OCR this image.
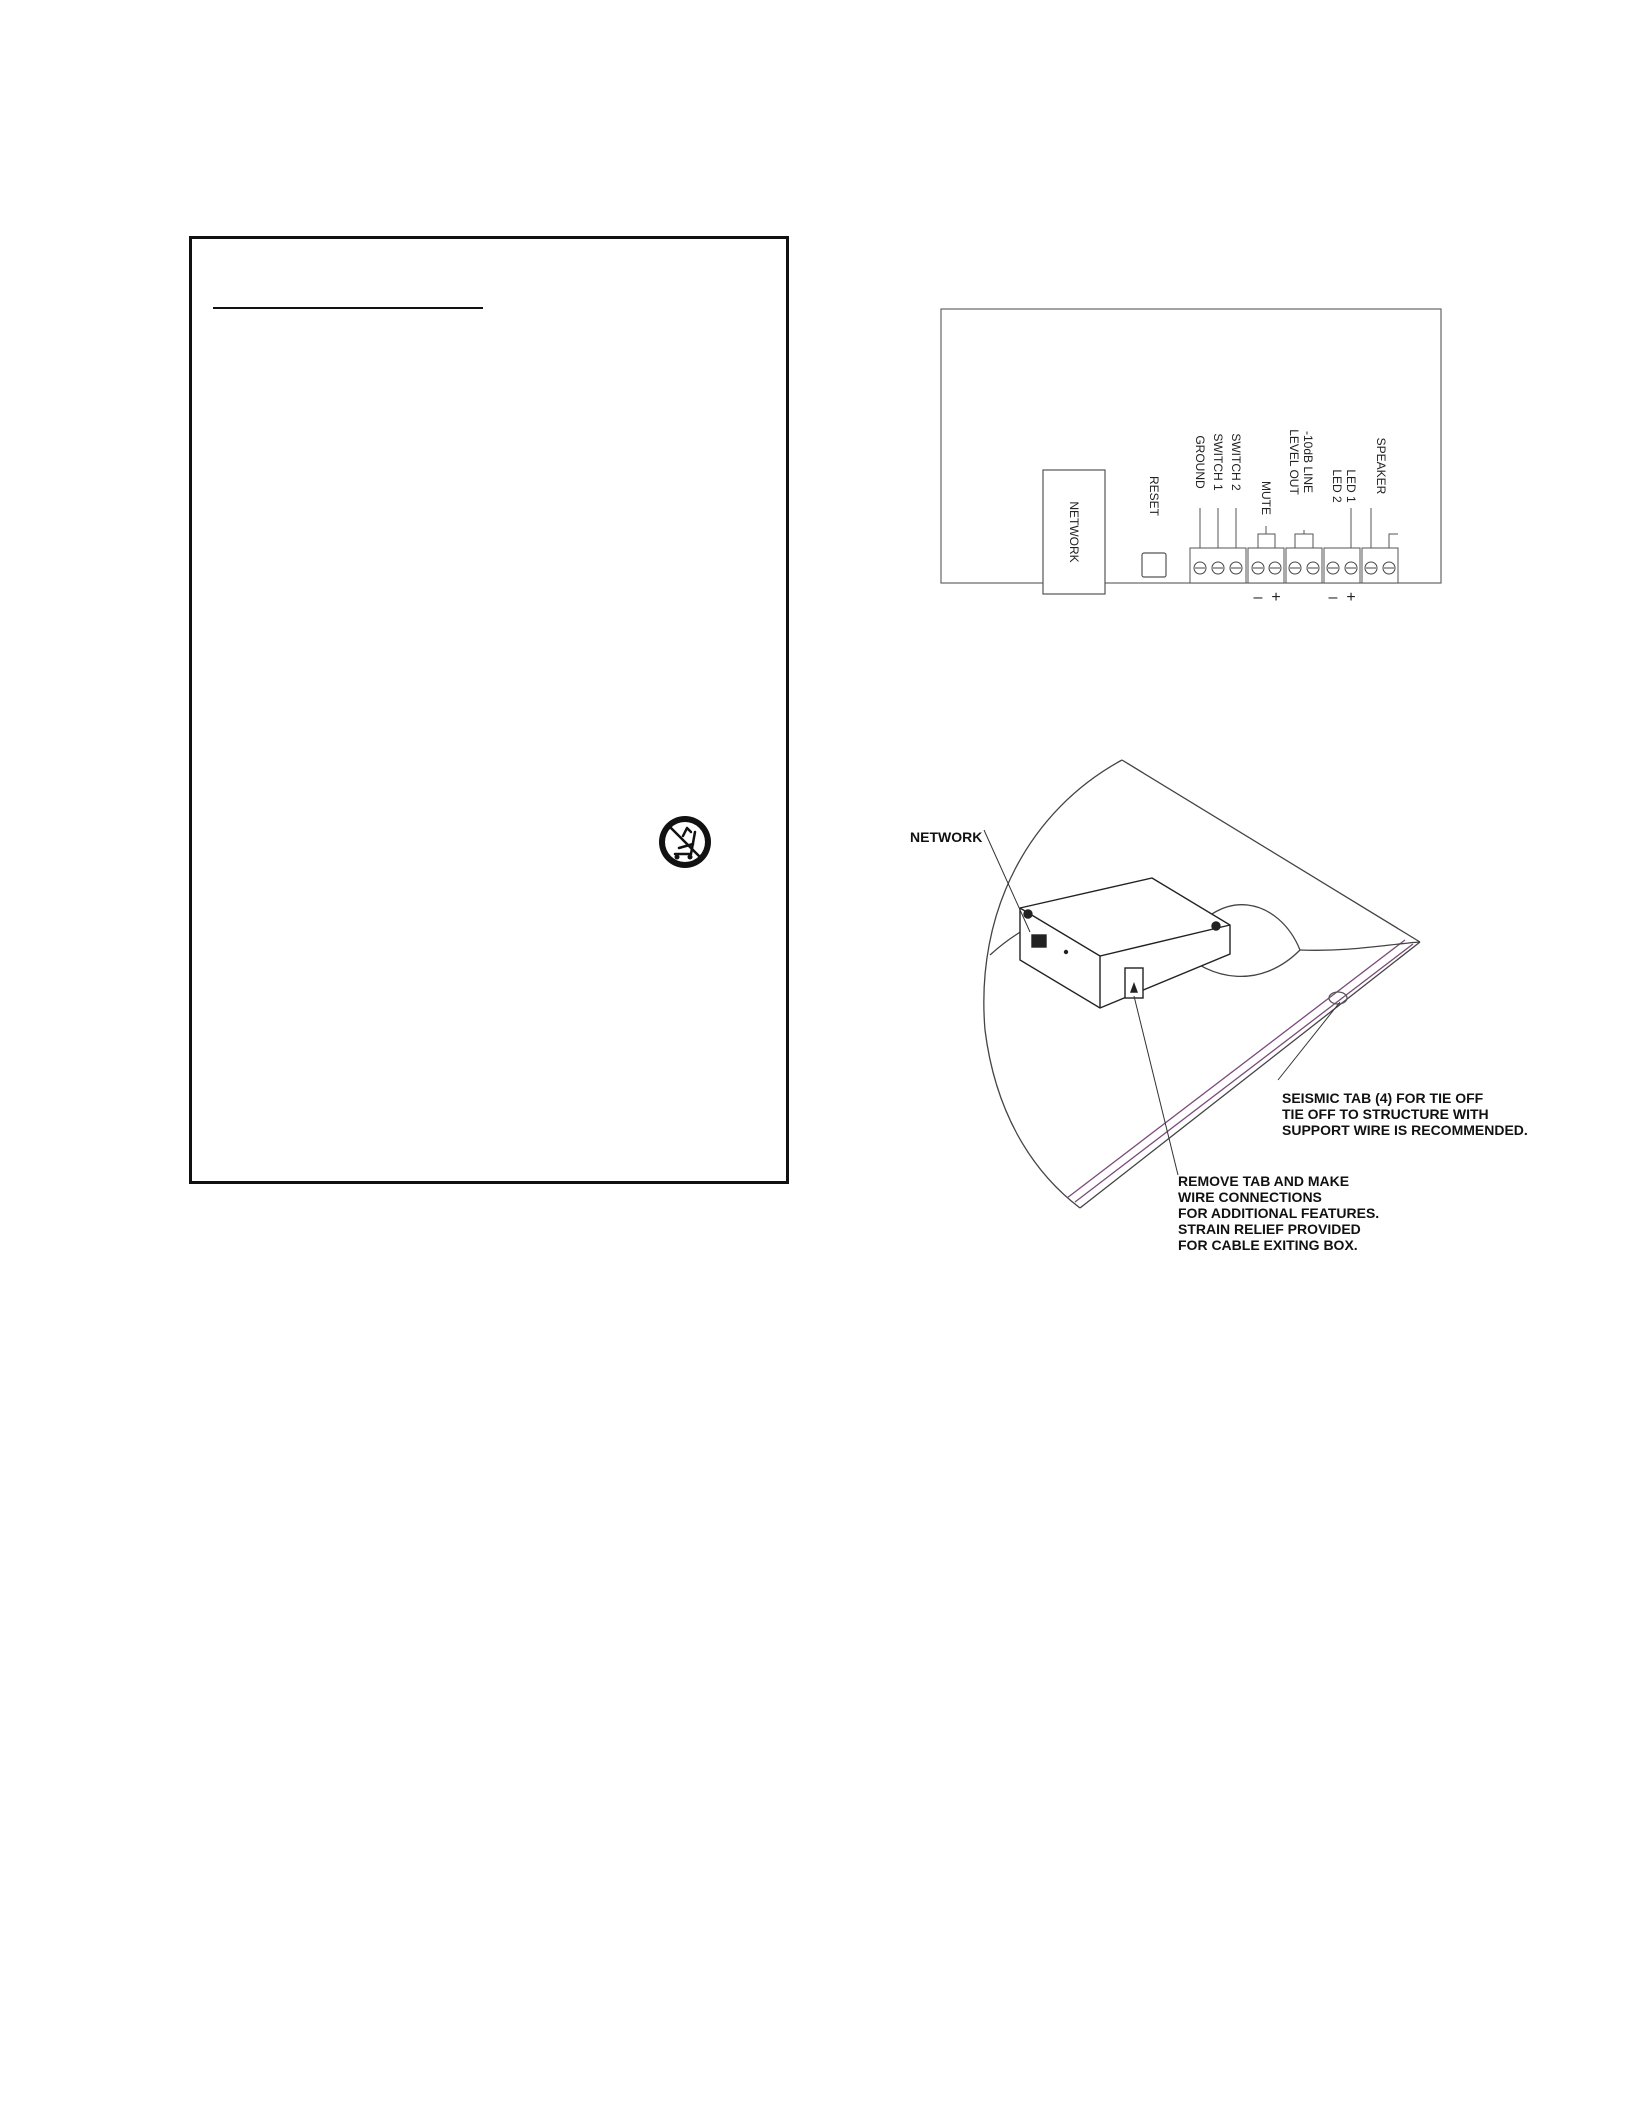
NETWORK
RESET
GROUND SWITCH 1 SWITCH 2
MUTE
-10dB LINE
LEVEL OUT LED 2 LED 1 SPEAKER
– +	– +
NETWORK
SEISMIC TAB (4) FOR TIE OFF
TIE OFF TO STRUCTURE WITH
SUPPORT WIRE IS RECOMMENDED.
REMOVE TAB AND MAKE
WIRE CONNECTIONS
FOR ADDITIONAL FEATURES.
STRAIN RELIEF PROVIDED
FOR CABLE EXITING BOX.
